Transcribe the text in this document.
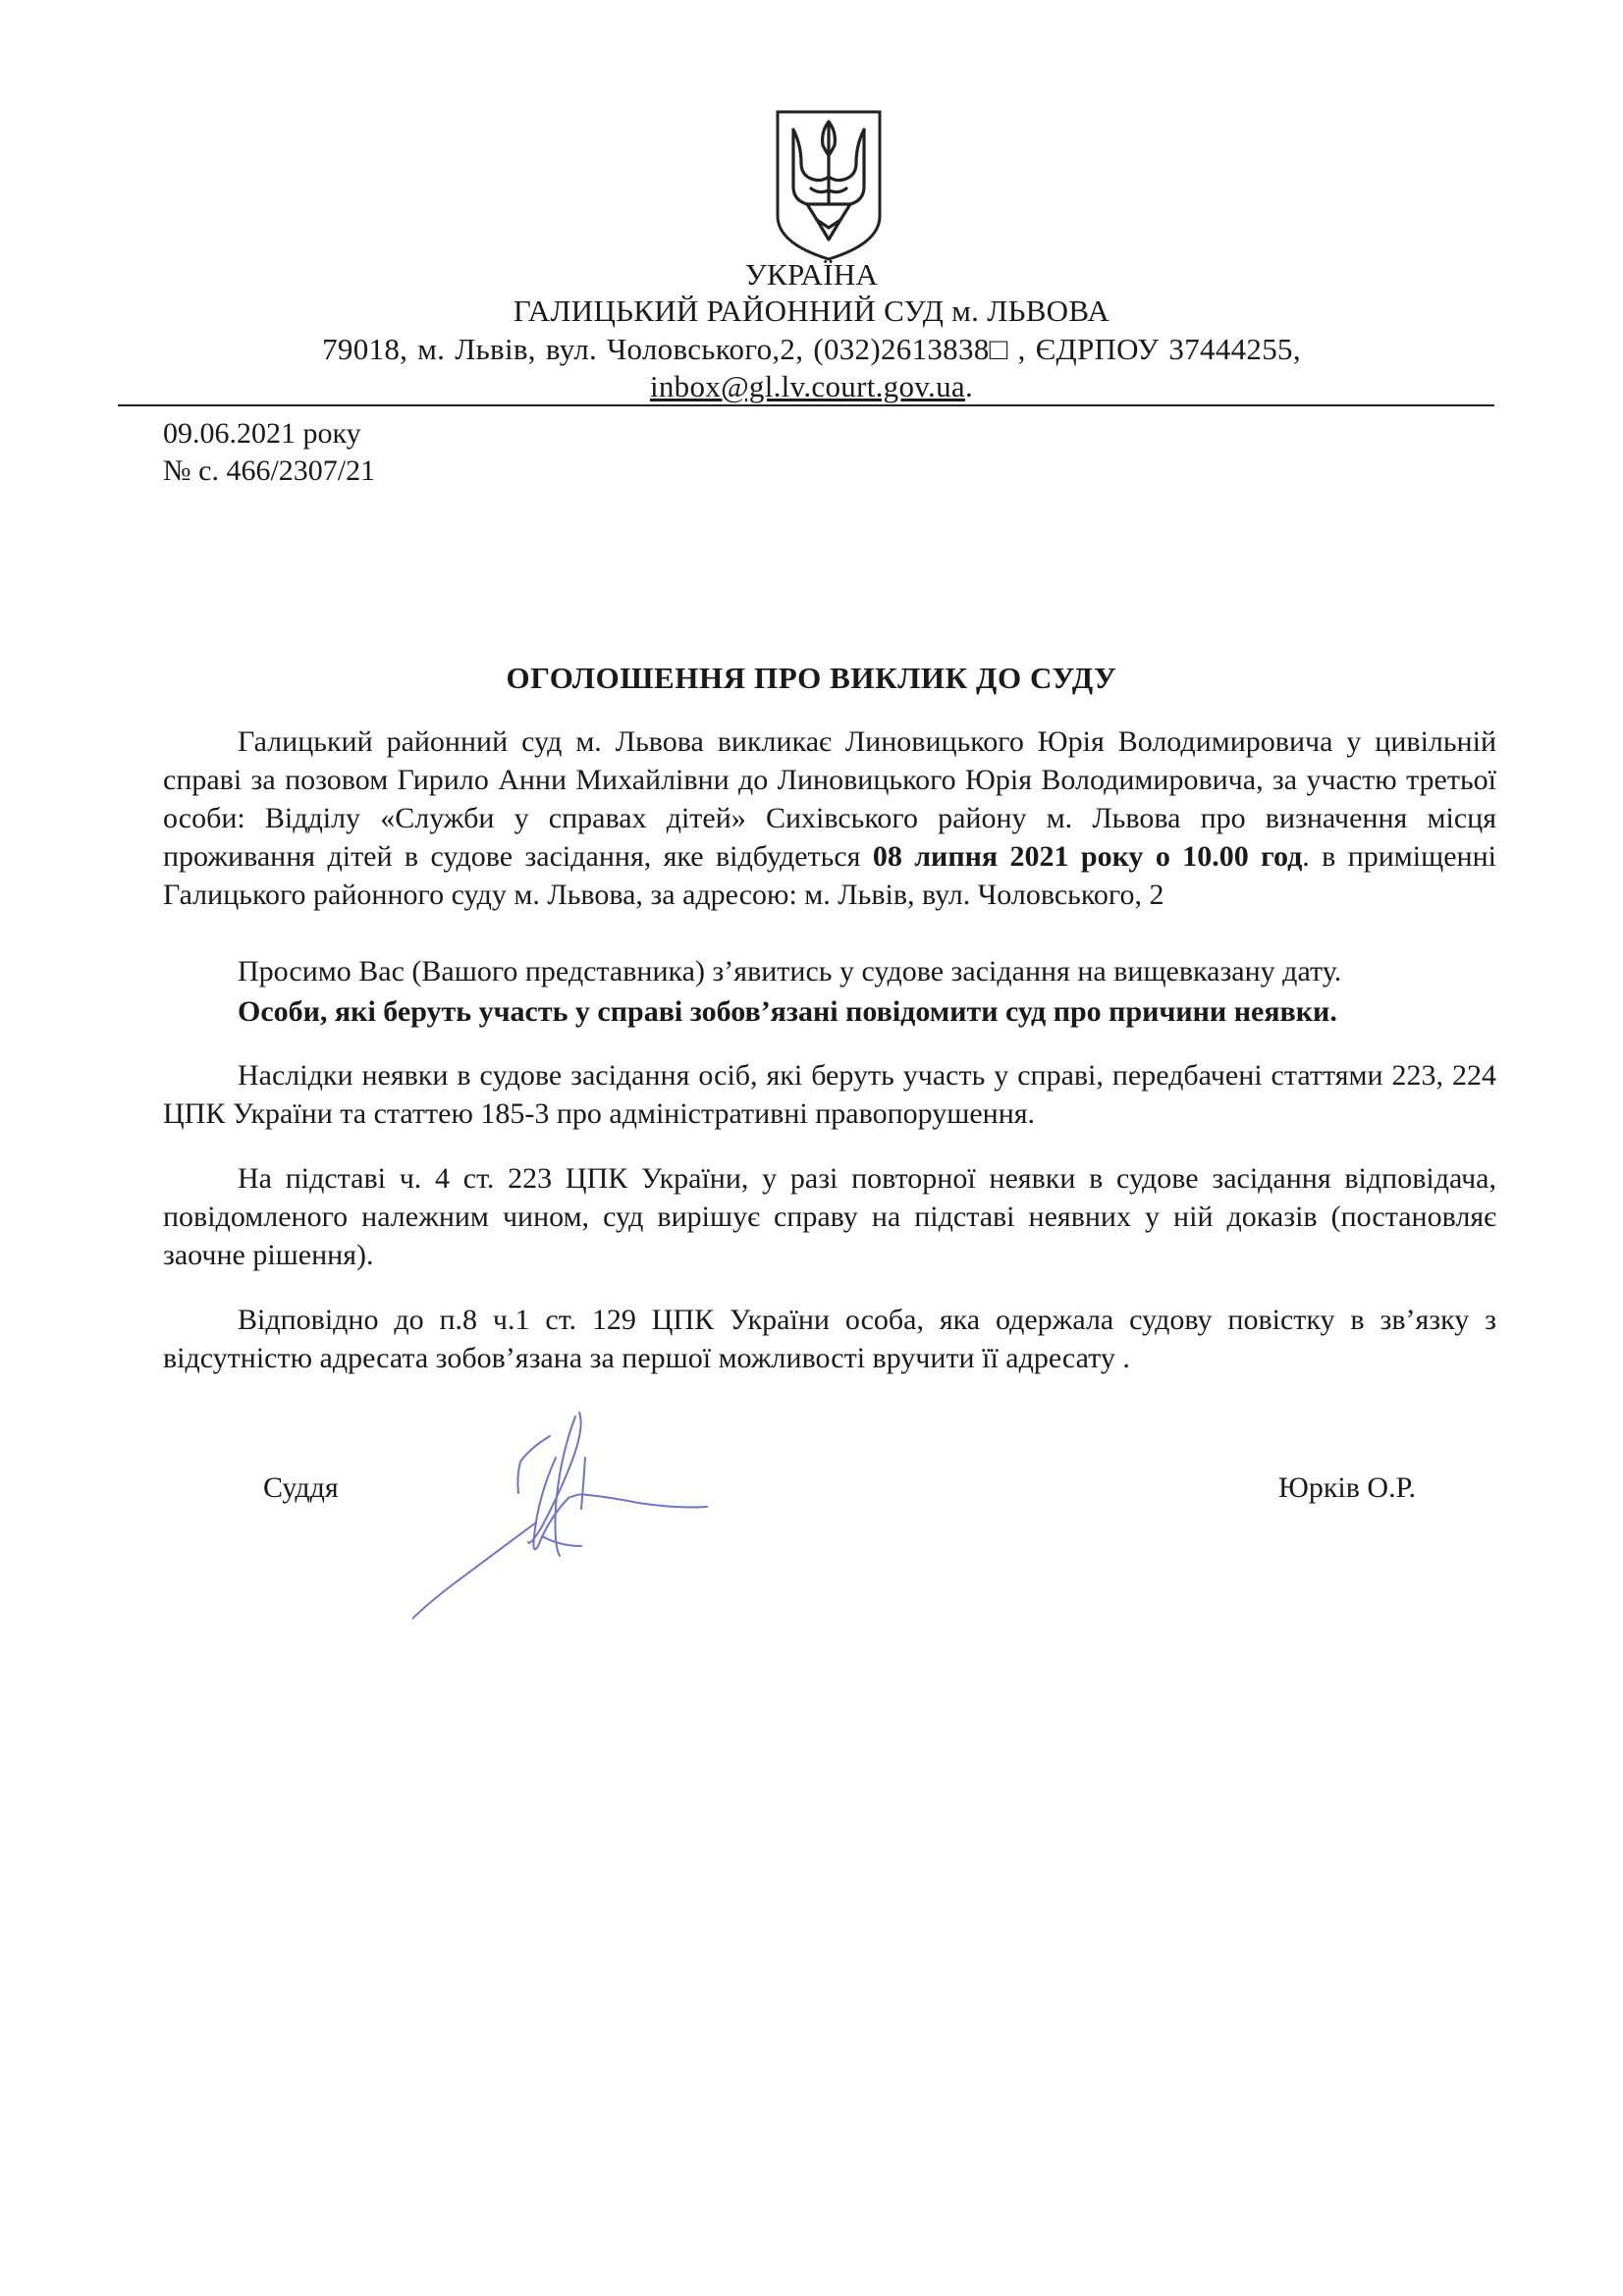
УКРАЇНА
ГАЛИЦЬКИЙ РАЙОННИЙ СУД м. ЛЬВОВА
79018, м. Львів, вул. Чоловського,2, (032)2613838□ , ЄДРПОУ 37444255,
inbox@gl.lv.court.gov.ua.
09.06.2021 року
№ с. 466/2307/21
ОГОЛОШЕННЯ ПРО ВИКЛИК ДО СУДУ

Галицький районний суд м. Львова викликає Линовицького Юрія Володимировича у цивільній справі за позовом Гирило Анни Михайлівни до Линовицького Юрія Володимировича, за участю третьої особи: Відділу «Служби у справах дітей» Сихівського району м. Львова про визначення місця проживання дітей в судове засідання, яке відбудеться 08 липня 2021 року о 10.00 год. в приміщенні Галицького районного суду м. Львова, за адресою: м. Львів, вул. Чоловського, 2

Просимо Вас (Вашого представника) з’явитись у судове засідання на вищевказану дату.

Особи, які беруть участь у справі зобов’язані повідомити суд про причини неявки.

Наслідки неявки в судове засідання осіб, які беруть участь у справі, передбачені статтями 223, 224 ЦПК України та статтею 185-3 про адміністративні правопорушення.

На підставі ч. 4 ст. 223 ЦПК України, у разі повторної неявки в судове засідання відповідача, повідомленого належним чином, суд вирішує справу на підставі неявних у ній доказів (постановляє заочне рішення).

Відповідно до п.8 ч.1 ст. 129 ЦПК України особа, яка одержала судову повістку в зв’язку з відсутністю адресата зобов’язана за першої можливості вручити її адресату .

Суддя	Юрків О.Р.
